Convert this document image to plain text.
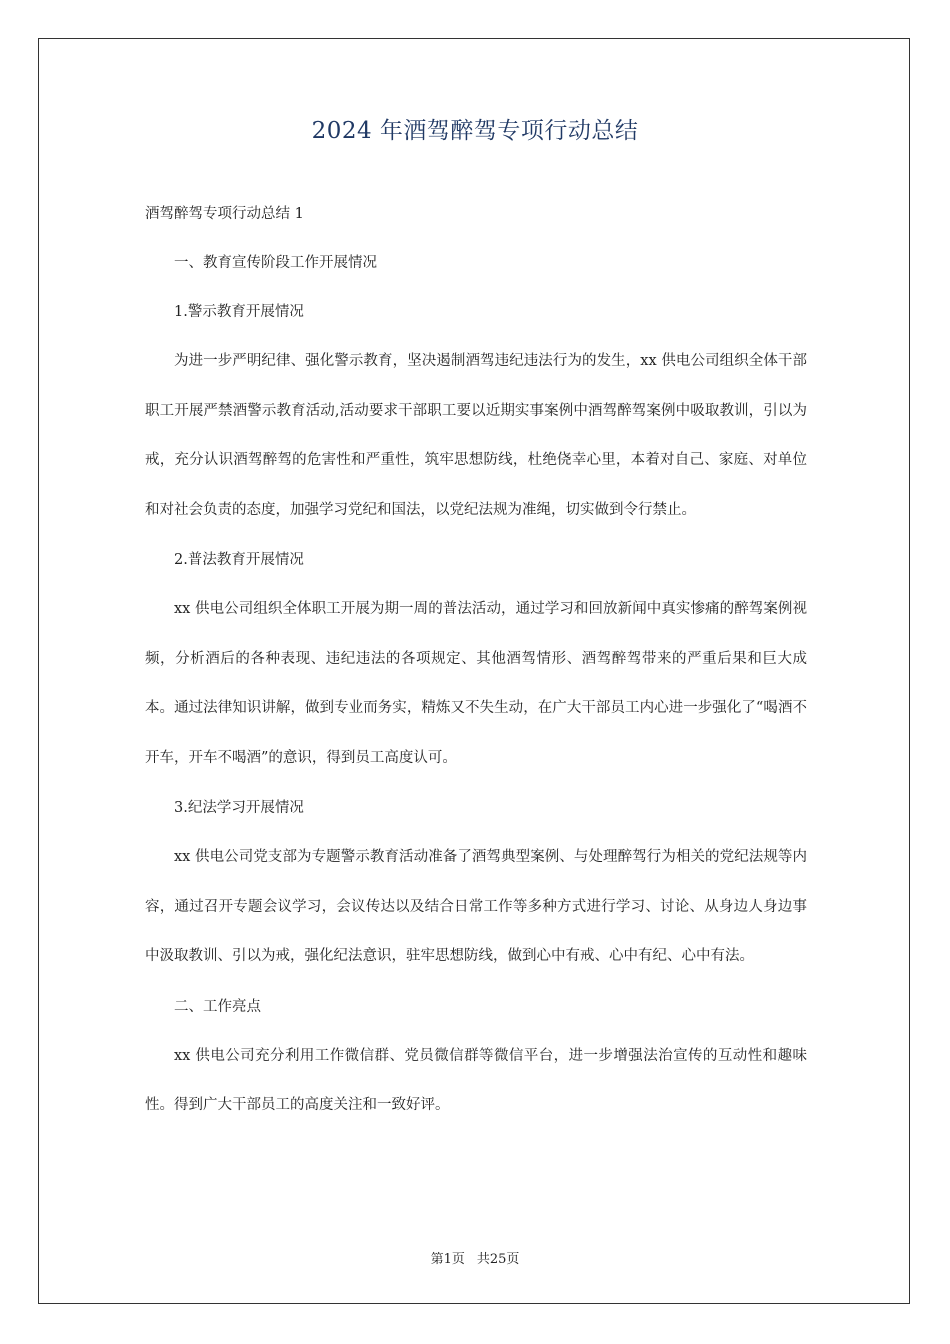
2024 年酒驾醉驾专项行动总结

酒驾醉驾专项行动总结 1

一、教育宣传阶段工作开展情况

1.警示教育开展情况

为进一步严明纪律、强化警示教育，坚决遏制酒驾违纪违法行为的发生，xx 供电公司组织全体干部职工开展严禁酒警示教育活动,活动要求干部职工要以近期实事案例中酒驾醉驾案例中吸取教训，引以为戒，充分认识酒驾醉驾的危害性和严重性，筑牢思想防线，杜绝侥幸心里，本着对自己、家庭、对单位和对社会负责的态度，加强学习党纪和国法，以党纪法规为准绳，切实做到令行禁止。

2.普法教育开展情况

xx 供电公司组织全体职工开展为期一周的普法活动，通过学习和回放新闻中真实惨痛的醉驾案例视频，分析酒后的各种表现、违纪违法的各项规定、其他酒驾情形、酒驾醉驾带来的严重后果和巨大成本。通过法律知识讲解，做到专业而务实，精炼又不失生动，在广大干部员工内心进一步强化了“喝酒不开车，开车不喝酒”的意识，得到员工高度认可。

3.纪法学习开展情况

xx 供电公司党支部为专题警示教育活动准备了酒驾典型案例、与处理醉驾行为相关的党纪法规等内容，通过召开专题会议学习，会议传达以及结合日常工作等多种方式进行学习、讨论、从身边人身边事中汲取教训、引以为戒，强化纪法意识，驻牢思想防线，做到心中有戒、心中有纪、心中有法。

二、工作亮点

xx 供电公司充分利用工作微信群、党员微信群等微信平台，进一步增强法治宣传的互动性和趣味性。得到广大干部员工的高度关注和一致好评。

第1页 共25页
